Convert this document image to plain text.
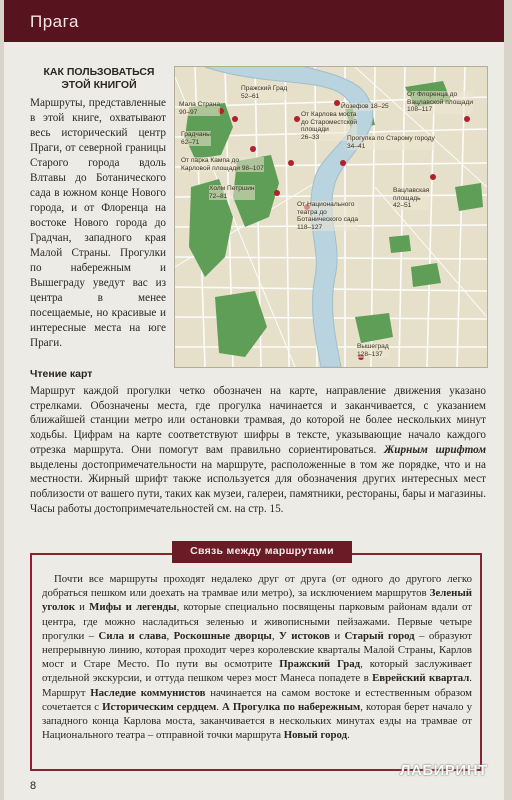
Прага
КАК ПОЛЬЗОВАТЬСЯ ЭТОЙ КНИГОЙ
Маршруты, представленные в этой книге, охватывают весь исторический центр Праги, от северной границы Старого города вдоль Влтавы до Ботанического сада в южном конце Нового города, и от Флоренца на востоке Нового города до Градчан, западного края Малой Страны. Прогулки по набережным и Вышеграду уведут вас из центра в менее посещаемые, но красивые и интересные места на юге Праги.
Пражский Град
52–61
Мала Страна
90–97	От Карлова моста
до Староместской
площади
26–33
Йозефов 18–25
От Флоренца до
Вацлавской площади
108–117
Градчаны
62–71	Прогулка по Старому городу
34–41
От парка Кампа до
Карловой площади 98–107
Холм Петршин
72–81
Вацлавская
площадь
42–51
От Национального
театра до
Ботанического сада
118–127
Вышеград
128–137
Чтение карт
Маршрут каждой прогулки четко обозначен на карте, направление движения указано стрелками. Обозначены места, где прогулка начинается и заканчивается, с указанием ближайшей станции метро или остановки трамвая, до которой не более нескольких минут ходьбы. Цифрам на карте соответствуют шифры в тексте, указывающие начало каждого отрезка маршрута. Они помогут вам правильно сориентироваться. Жирным шрифтом выделены достопримечательности на маршруте, расположенные в том же порядке, что и на местности. Жирный шрифт также используется для обозначения других интересных мест поблизости от вашего пути, таких как музеи, галереи, памятники, рестораны, бары и магазины. Часы работы достопримечательностей см. на стр. 15.
Связь между маршрутами
Почти все маршруты проходят недалеко друг от друга (от одного до другого легко добраться пешком или доехать на трамвае или метро), за исключением маршрутов Зеленый уголок и Мифы и легенды, которые специально посвящены парковым районам вдали от центра, где можно насладиться зеленью и живописными пейзажами. Первые четыре прогулки – Сила и слава, Роскошные дворцы, У истоков и Старый город – образуют непрерывную линию, которая проходит через королевские кварталы Малой Страны, Карлов мост и Старе Место. По пути вы осмотрите Пражский Град, который заслуживает отдельной экскурсии, и оттуда пешком через мост Манеса попадете в Еврейский квартал. Маршрут Наследие коммунистов начинается на самом востоке и естественным образом сочетается с Историческим сердцем. А Прогулка по набережным, которая берет начало у западного конца Карлова моста, заканчивается в нескольких минутах езды на трамвае от Национального театра – отправной точки маршрута Новый город.
8
ЛАБИРИНТ
